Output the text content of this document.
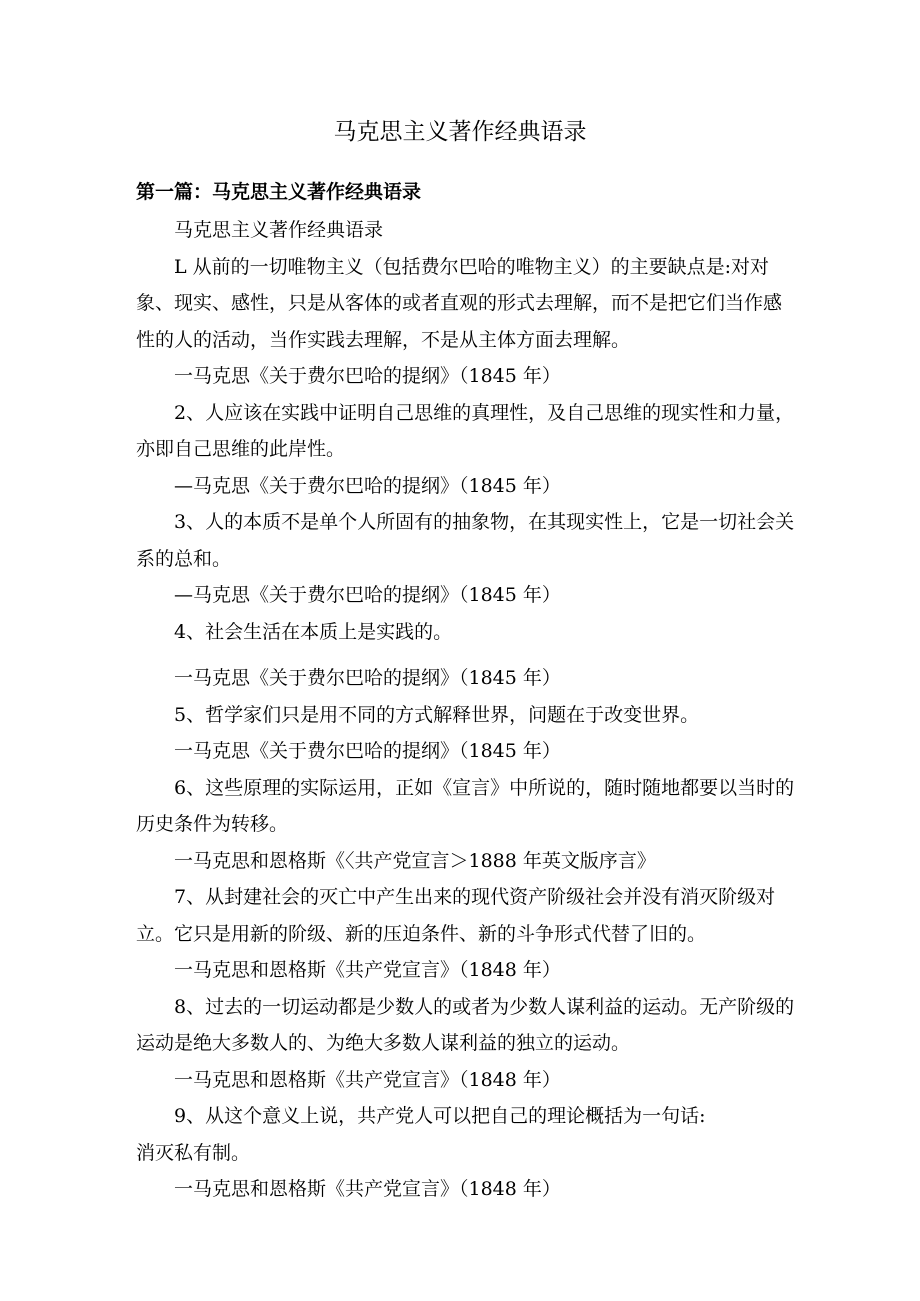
马克思主义著作经典语录
第一篇：马克思主义著作经典语录

马克思主义著作经典语录

L 从前的一切唯物主义（包括费尔巴哈的唯物主义）的主要缺点是:对对象、现实、感性，只是从客体的或者直观的形式去理解，而不是把它们当作感性的人的活动，当作实践去理解，不是从主体方面去理解。

一马克思《关于费尔巴哈的提纲》（1845 年）

2、人应该在实践中证明自己思维的真理性，及自己思维的现实性和力量，亦即自己思维的此岸性。

—马克思《关于费尔巴哈的提纲》（1845 年）

3、人的本质不是单个人所固有的抽象物，在其现实性上，它是一切社会关系的总和。

—马克思《关于费尔巴哈的提纲》（1845 年）

4、社会生活在本质上是实践的。

一马克思《关于费尔巴哈的提纲》（1845 年）

5、哲学家们只是用不同的方式解释世界，问题在于改变世界。

一马克思《关于费尔巴哈的提纲》（1845 年）

6、这些原理的实际运用，正如《宣言》中所说的，随时随地都要以当时的历史条件为转移。

一马克思和恩格斯《〈共产党宣言＞1888 年英文版序言》

7、从封建社会的灭亡中产生出来的现代资产阶级社会并没有消灭阶级对立。它只是用新的阶级、新的压迫条件、新的斗争形式代替了旧的。

一马克思和恩格斯《共产党宣言》（1848 年）

8、过去的一切运动都是少数人的或者为少数人谋利益的运动。无产阶级的运动是绝大多数人的、为绝大多数人谋利益的独立的运动。

一马克思和恩格斯《共产党宣言》（1848 年）

9、从这个意义上说，共产党人可以把自己的理论概括为一句话:

消灭私有制。

一马克思和恩格斯《共产党宣言》（1848 年）
